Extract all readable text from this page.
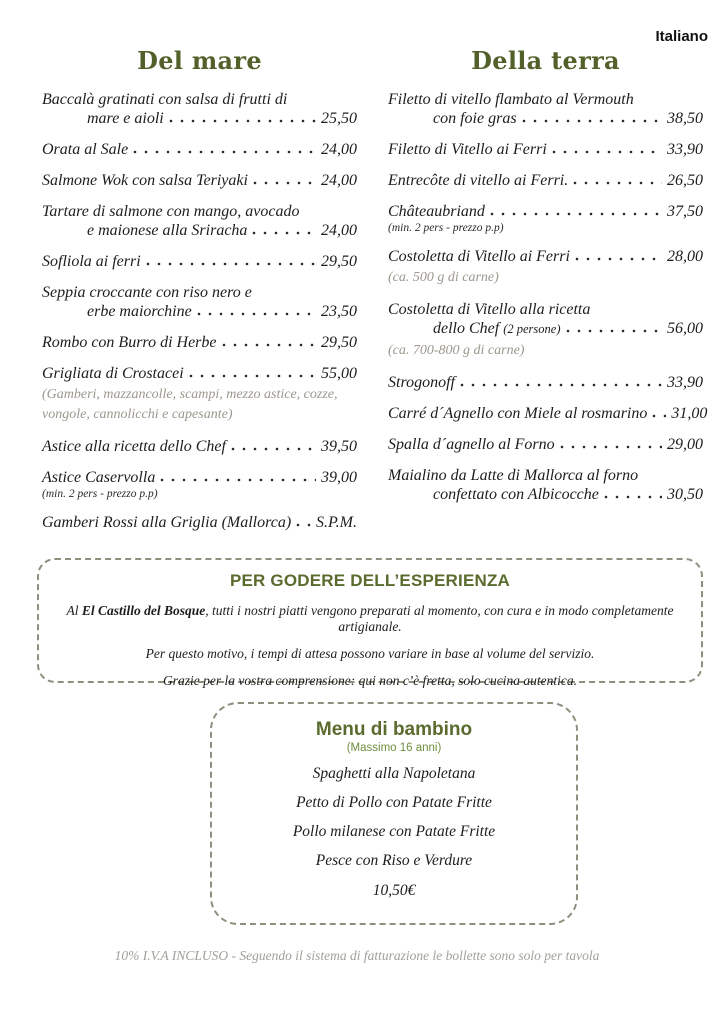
Italiano
Del mare
Baccalà gratinati con salsa di frutti di
mare e aioli	25,50
Orata al Sale	24,00
Salmone Wok con salsa Teriyaki	24,00
Tartare di salmone con mango, avocado
e maionese alla Sriracha	24,00
Sofliola ai ferri	29,50
Seppia croccante con riso nero e
erbe maiorchine	23,50
Rombo con Burro di Herbe	29,50
Grigliata di Crostacei	55,00
(Gamberi, mazzancolle, scampi, mezzo astice, cozze, vongole, cannolicchi e capesante)
Astice alla ricetta dello Chef	39,50
Astice Caservolla	39,00
(min. 2 pers - prezzo p.p)
Gamberi Rossi alla Griglia (Mallorca) S.P.M.
Della terra
Filetto di vitello flambato al Vermouth
con foie gras	38,50
Filetto di Vitello ai Ferri	33,90
Entrecôte di vitello ai Ferri.	26,50
Châteaubriand	37,50
(min. 2 pers - prezzo p.p)
Costoletta di Vitello ai Ferri	28,00
(ca. 500 g di carne)
Costoletta di Vitello alla ricetta
dello Chef (2 persone)	56,00
(ca. 700-800 g di carne)
Strogonoff	33,90
Carré d´Agnello con Miele al rosmarino 31,00
Spalla d´agnello al Forno	29,00
Maialino da Latte di Mallorca al forno
confettato con Albicocche	30,50
PER GODERE DELL’ESPERIENZA
Al El Castillo del Bosque, tutti i nostri piatti vengono preparati al momento, con cura e in modo completamente artigianale.
Per questo motivo, i tempi di attesa possono variare in base al volume del servizio.
Grazie per la vostra comprensione: qui non c’è fretta, solo cucina autentica.
Menu di bambino
(Massimo 16 anni)
Spaghetti alla Napoletana
Petto di Pollo con Patate Fritte
Pollo milanese con Patate Fritte
Pesce con Riso e Verdure
10,50€
10% I.V.A INCLUSO - Seguendo il sistema di fatturazione le bollette sono solo per tavola
